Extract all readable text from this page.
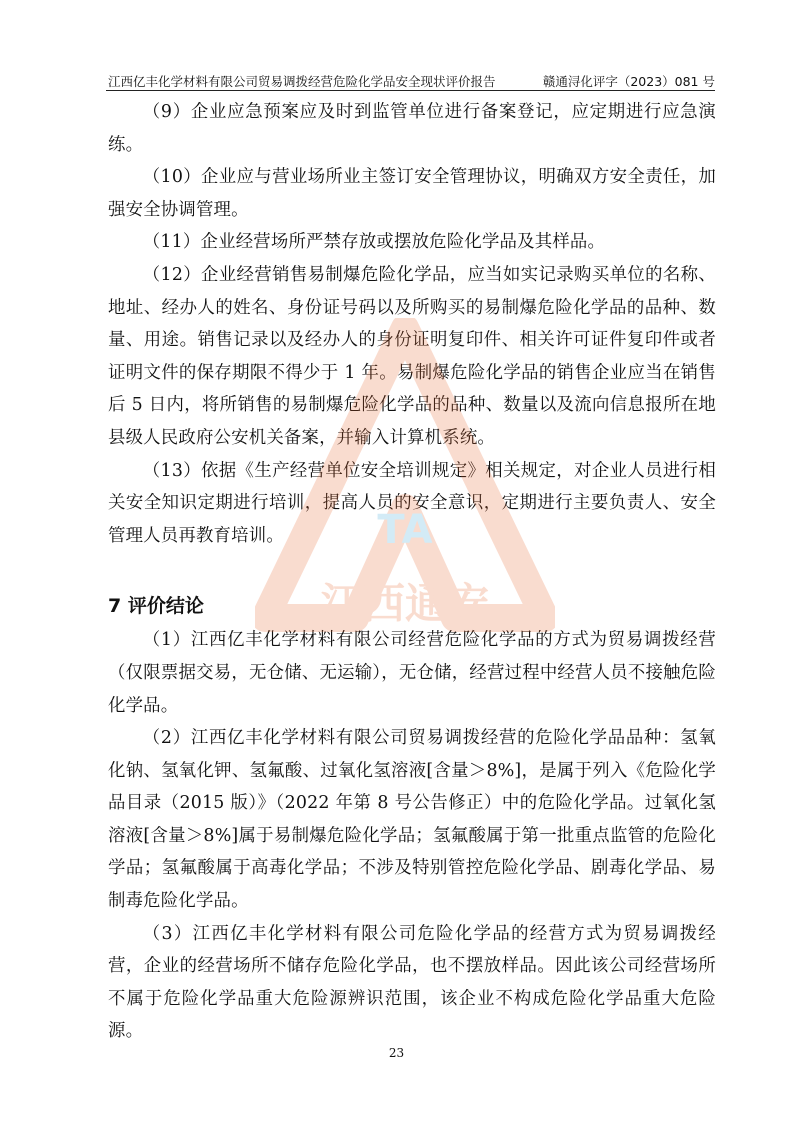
江西亿丰化学材料有限公司贸易调拨经营危险化学品安全现状评价报告	赣通浔化评字（2023）081 号

（9）企业应急预案应及时到监管单位进行备案登记，应定期进行应急演练。

（10）企业应与营业场所业主签订安全管理协议，明确双方安全责任，加强安全协调管理。

（11）企业经营场所严禁存放或摆放危险化学品及其样品。

（12）企业经营销售易制爆危险化学品，应当如实记录购买单位的名称、地址、经办人的姓名、身份证号码以及所购买的易制爆危险化学品的品种、数量、用途。销售记录以及经办人的身份证明复印件、相关许可证件复印件或者证明文件的保存期限不得少于 1 年。易制爆危险化学品的销售企业应当在销售后 5 日内，将所销售的易制爆危险化学品的品种、数量以及流向信息报所在地县级人民政府公安机关备案，并输入计算机系统。

（13）依据《生产经营单位安全培训规定》相关规定，对企业人员进行相关安全知识定期进行培训，提高人员的安全意识，定期进行主要负责人、安全管理人员再教育培训。

7 评价结论

（1）江西亿丰化学材料有限公司经营危险化学品的方式为贸易调拨经营（仅限票据交易，无仓储、无运输），无仓储，经营过程中经营人员不接触危险化学品。

（2）江西亿丰化学材料有限公司贸易调拨经营的危险化学品品种：氢氧化钠、氢氧化钾、氢氟酸、过氧化氢溶液[含量＞8%]，是属于列入《危险化学品目录（2015 版）》（2022 年第 8 号公告修正）中的危险化学品。过氧化氢溶液[含量＞8%]属于易制爆危险化学品；氢氟酸属于第一批重点监管的危险化学品；氢氟酸属于高毒化学品；不涉及特别管控危险化学品、剧毒化学品、易制毒危险化学品。

（3）江西亿丰化学材料有限公司危险化学品的经营方式为贸易调拨经营，企业的经营场所不储存危险化学品，也不摆放样品。因此该公司经营场所不属于危险化学品重大危险源辨识范围，该企业不构成危险化学品重大危险源。

TA
江西通安
23
